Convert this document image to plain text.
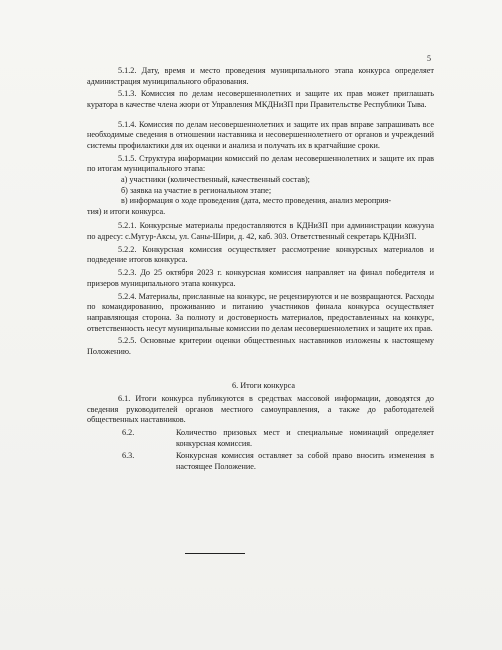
5

5.1.2. Дату, время и место проведения муниципального этапа конкурса определяет администрация муниципального образования.

5.1.3. Комиссия по делам несовершеннолетних и защите их прав может приглашать куратора в качестве члена жюри от Управления МКДНиЗП при Правительстве Республики Тыва.

5.1.4. Комиссия по делам несовершеннолетних и защите их прав вправе запрашивать все необходимые сведения в отношении наставника и несовершеннолетнего от органов и учреждений системы профилактики для их оценки и анализа и получать их в кратчайшие сроки.

5.1.5. Структура информации комиссий по делам несовершеннолетних и защите их прав по итогам муниципального этапа:

а) участники (количественный, качественный состав);

б) заявка на участие в региональном этапе;

в) информация о ходе проведения (дата, место проведения, анализ мероприя-

тия) и итоги конкурса.

5.2.1. Конкурсные материалы предоставляются в КДНиЗП при администрации кожууна по адресу: с.Мугур-Аксы, ул. Саны-Шири, д. 42, каб. 303. Ответственный секретарь КДНиЗП.

5.2.2. Конкурсная комиссия осуществляет рассмотрение конкурсных материалов и подведение итогов конкурса.

5.2.3. До 25 октября 2023 г. конкурсная комиссия направляет на финал победителя и призеров муниципального этапа конкурса.

5.2.4. Материалы, присланные на конкурс, не рецензируются и не возвращаются. Расходы по командированию, проживанию и питанию участников финала конкурса осуществляет направляющая сторона. За полноту и достоверность материалов, предоставленных на конкурс, ответственность несут муниципальные комиссии по делам несовершеннолетних и защите их прав.

5.2.5. Основные критерии оценки общественных наставников изложены к настоящему Положению.

6. Итоги конкурса

6.1. Итоги конкурса публикуются в средствах массовой информации, доводятся до сведения руководителей органов местного самоуправления, а также до работодателей общественных наставников.

6.2.	Количество призовых мест и специальные номинаций определяет конкурсная комиссия.
6.3.	Конкурсная комиссия оставляет за собой право вносить изменения в настоящее Положение.
